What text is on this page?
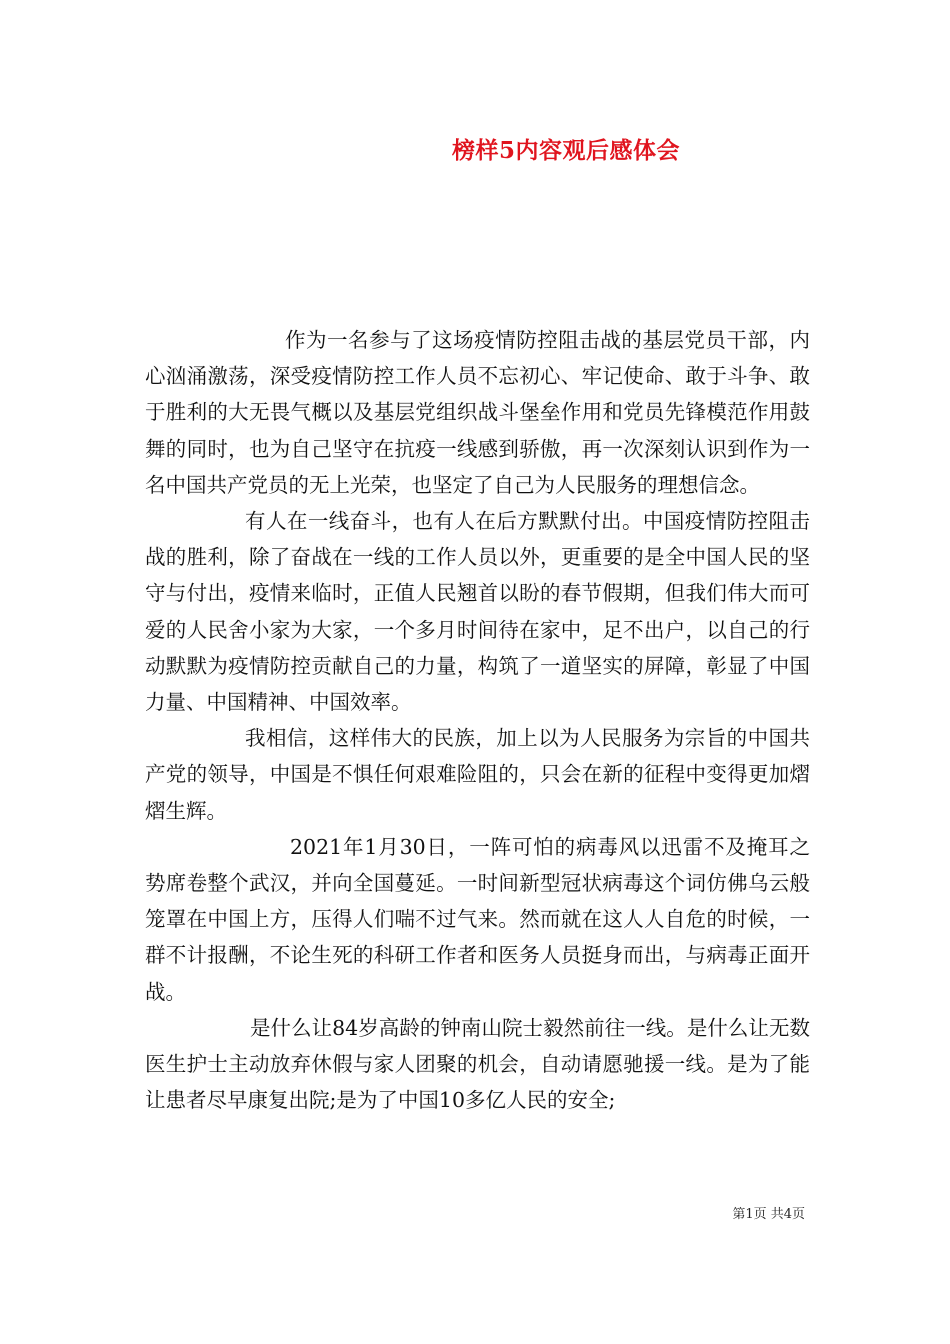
榜样5内容观后感体会

作为一名参与了这场疫情防控阻击战的基层党员干部，内心汹涌激荡，深受疫情防控工作人员不忘初心、牢记使命、敢于斗争、敢于胜利的大无畏气概以及基层党组织战斗堡垒作用和党员先锋模范作用鼓舞的同时，也为自己坚守在抗疫一线感到骄傲，再一次深刻认识到作为一名中国共产党员的无上光荣，也坚定了自己为人民服务的理想信念。

有人在一线奋斗，也有人在后方默默付出。中国疫情防控阻击战的胜利，除了奋战在一线的工作人员以外，更重要的是全中国人民的坚守与付出，疫情来临时，正值人民翘首以盼的春节假期，但我们伟大而可爱的人民舍小家为大家，一个多月时间待在家中，足不出户，以自己的行动默默为疫情防控贡献自己的力量，构筑了一道坚实的屏障，彰显了中国力量、中国精神、中国效率。

我相信，这样伟大的民族，加上以为人民服务为宗旨的中国共产党的领导，中国是不惧任何艰难险阻的，只会在新的征程中变得更加熠熠生辉。

2021年1月30日，一阵可怕的病毒风以迅雷不及掩耳之势席卷整个武汉，并向全国蔓延。一时间新型冠状病毒这个词仿佛乌云般笼罩在中国上方，压得人们喘不过气来。然而就在这人人自危的时候，一群不计报酬，不论生死的科研工作者和医务人员挺身而出，与病毒正面开战。

是什么让84岁高龄的钟南山院士毅然前往一线。是什么让无数医生护士主动放弃休假与家人团聚的机会，自动请愿驰援一线。是为了能让患者尽早康复出院;是为了中国10多亿人民的安全;

第1页 共4页
